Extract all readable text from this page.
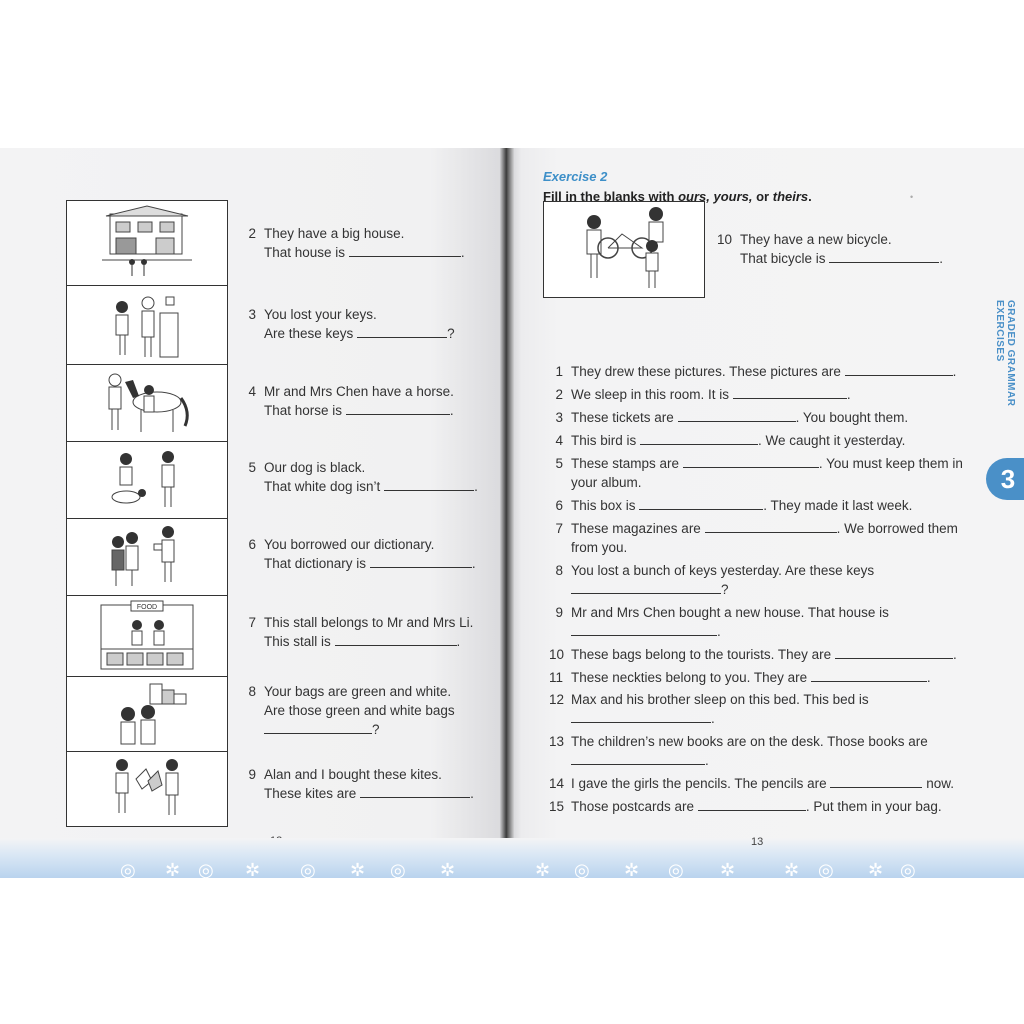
FOOD
2 They have a big house.
That house is	.
3 You lost your keys.
Are these keys	?
4 Mr and Mrs Chen have a horse.
That horse is	.
5 Our dog is black.
That white dog isn’t	.
6 You borrowed our dictionary.
That dictionary is	.
7 This stall belongs to Mr and Mrs Li.
This stall is	.
8 Your bags are green and white.
Are those green and white bags
?
9 Alan and I bought these kites.
These kites are	.
10 They have a new bicycle.
That bicycle is	.
•
◎ ✲ ◎ ✲ ◎ ✲ ◎ ✲	✲ ◎ ✲ ◎ ✲	✲ ◎ ✲ ◎
13
Exercise 2
Fill in the blanks with ours, yours, or theirs.
1 They drew these pictures. These pictures are	.
2 We sleep in this room. It is	.
3 These tickets are	. You bought them.
4 This bird is	. We caught it yesterday.
5 These stamps are	. You must keep them in
your album.
6 This box is	. They made it last week.
7 These magazines are	. We borrowed them
from you.
8 You lost a bunch of keys yesterday. Are these keys
?
9 Mr and Mrs Chen bought a new house. That house is
.
10 These bags belong to the tourists. They are	.
11 These neckties belong to you. They are	.
12 Max and his brother sleep on this bed. This bed is
.
13 The children’s new books are on the desk. Those books are
.
14 I gave the girls the pencils. The pencils are	now.
15 Those postcards are	. Put them in your bag.
GRADED GRAMMAR EXERCISES
3
